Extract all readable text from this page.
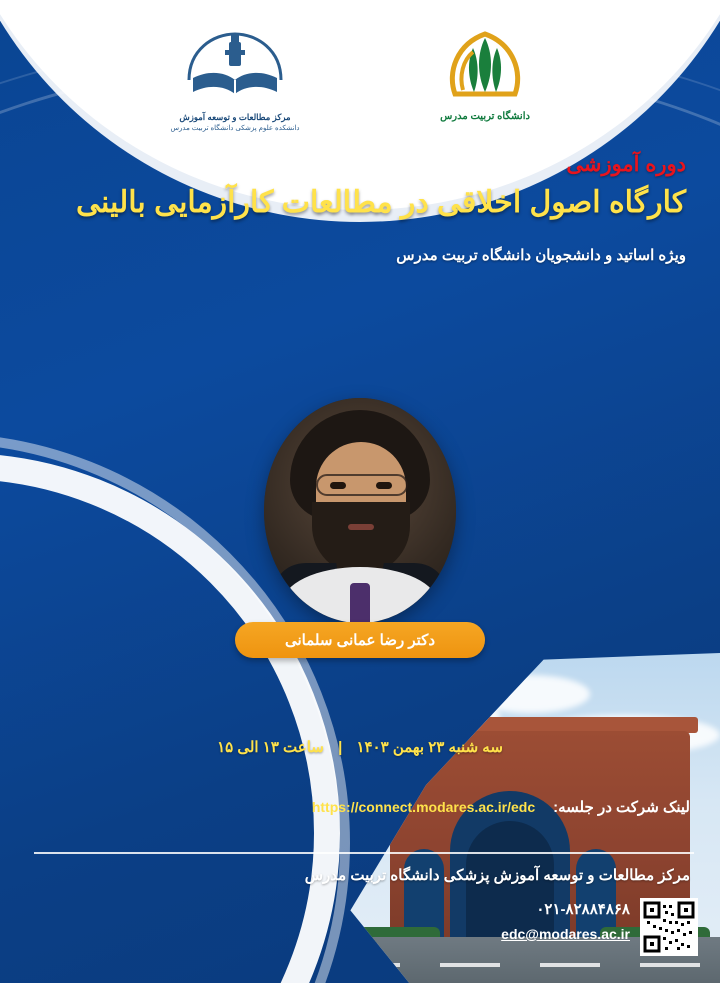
دانشگاه تربیت مدرس
مرکز مطالعات و توسعه آموزش
دانشکده علوم پزشکی دانشگاه تربیت مدرس
دوره آموزشی
کارگاه اصول اخلاقی در مطالعات کارآزمایی بالینی
ویژه اساتید و دانشجویان دانشگاه تربیت مدرس
دکتر رضا عمانی سلمانی
سه شنبه ۲۳ بهمن ۱۴۰۳ | ساعت ۱۳ الی ۱۵
لینک شرکت در جلسه:
https://connect.modares.ac.ir/edc
مرکز مطالعات و توسعه آموزش پزشکی دانشگاه تربیت مدرس
۰۲۱-۸۲۸۸۴۸۶۸
edc@modares.ac.ir
